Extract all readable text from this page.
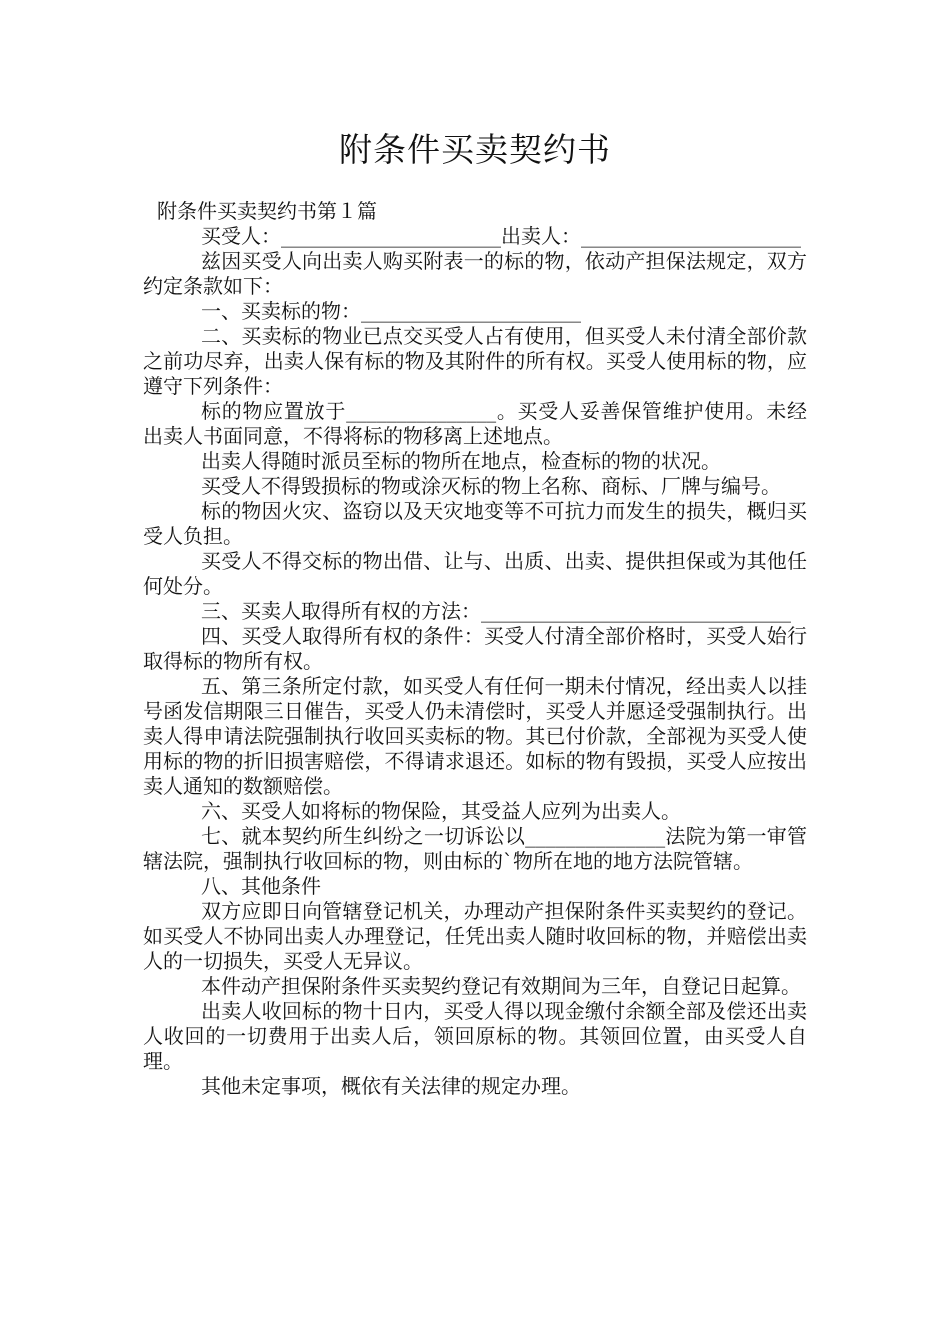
附条件买卖契约书

附条件买卖契约书第１篇

买受人：______________________出卖人：______________________

兹因买受人向出卖人购买附表一的标的物，依动产担保法规定，双方约定条款如下：

一、买卖标的物：______________________

二、买卖标的物业已点交买受人占有使用，但买受人未付清全部价款之前功尽弃，出卖人保有标的物及其附件的所有权。买受人使用标的物，应遵守下列条件：

标的物应置放于_______________。买受人妥善保管维护使用。未经出卖人书面同意，不得将标的物移离上述地点。

出卖人得随时派员至标的物所在地点，检查标的物的状况。

买受人不得毁损标的物或涂灭标的物上名称、商标、厂牌与编号。

标的物因火灾、盗窃以及天灾地变等不可抗力而发生的损失，概归买受人负担。

买受人不得交标的物出借、让与、出质、出卖、提供担保或为其他任何处分。

三、买卖人取得所有权的方法：_______________________________

四、买受人取得所有权的条件：买受人付清全部价格时，买受人始行取得标的物所有权。

五、第三条所定付款，如买受人有任何一期未付情况，经出卖人以挂号函发信期限三日催告，买受人仍未清偿时，买受人并愿迳受强制执行。出卖人得申请法院强制执行收回买卖标的物。其已付价款，全部视为买受人使用标的物的折旧损害赔偿，不得请求退还。如标的物有毁损，买受人应按出卖人通知的数额赔偿。

六、买受人如将标的物保险，其受益人应列为出卖人。

七、就本契约所生纠纷之一切诉讼以______________法院为第一审管辖法院，强制执行收回标的物，则由标的`物所在地的地方法院管辖。

八、其他条件

双方应即日向管辖登记机关，办理动产担保附条件买卖契约的登记。如买受人不协同出卖人办理登记，任凭出卖人随时收回标的物，并赔偿出卖人的一切损失，买受人无异议。

本件动产担保附条件买卖契约登记有效期间为三年，自登记日起算。

出卖人收回标的物十日内，买受人得以现金缴付余额全部及偿还出卖人收回的一切费用于出卖人后，领回原标的物。其领回位置，由买受人自理。

其他未定事项，概依有关法律的规定办理。
